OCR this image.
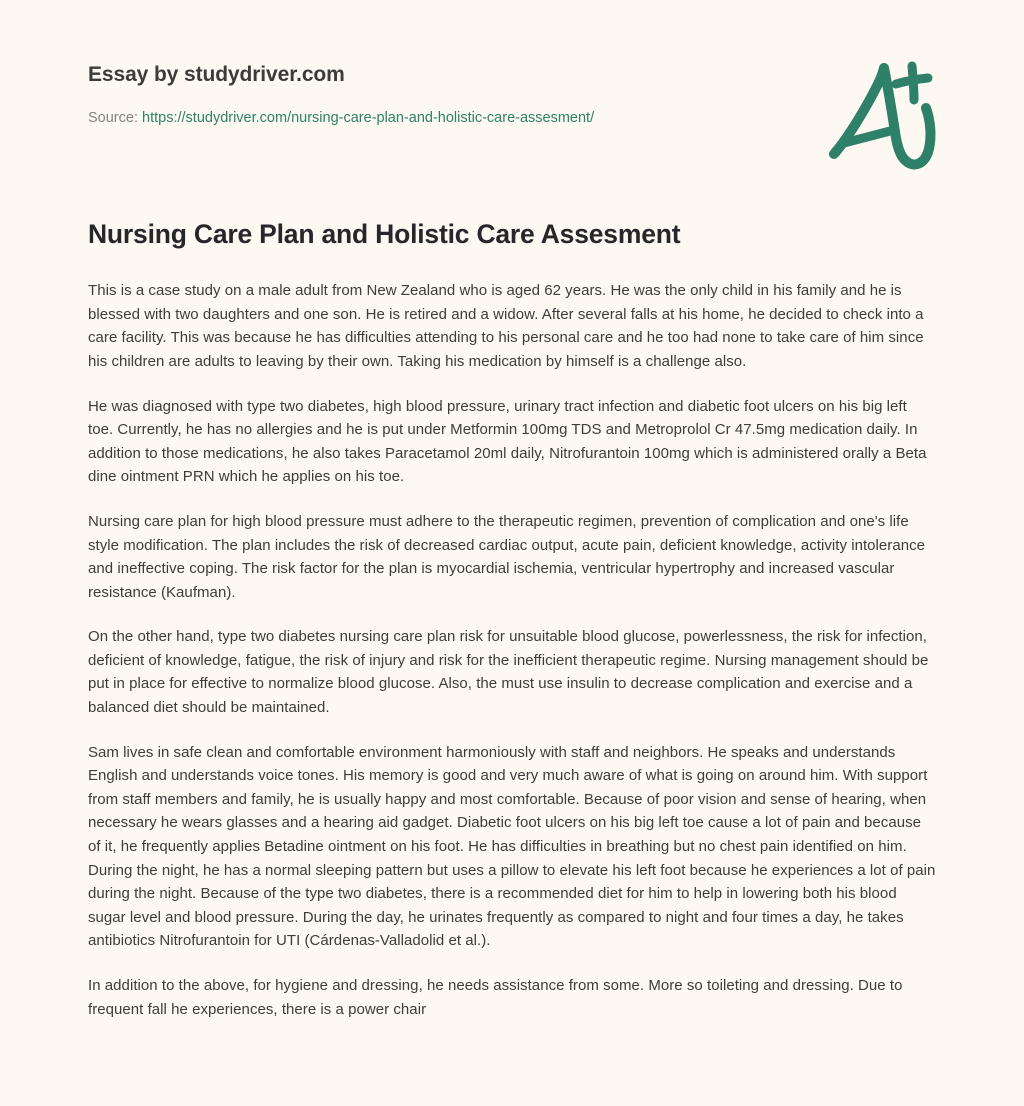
Essay by studydriver.com
Source: https://studydriver.com/nursing-care-plan-and-holistic-care-assesment/
Nursing Care Plan and Holistic Care Assesment

This is a case study on a male adult from New Zealand who is aged 62 years. He was the only child in his family and he is blessed with two daughters and one son. He is retired and a widow. After several falls at his home, he decided to check into a care facility. This was because he has difficulties attending to his personal care and he too had none to take care of him since his children are adults to leaving by their own. Taking his medication by himself is a challenge also.

He was diagnosed with type two diabetes, high blood pressure, urinary tract infection and diabetic foot ulcers on his big left toe. Currently, he has no allergies and he is put under Metformin 100mg TDS and Metroprolol Cr 47.5mg medication daily. In addition to those medications, he also takes Paracetamol 20ml daily, Nitrofurantoin 100mg which is administered orally a Beta dine ointment PRN which he applies on his toe.

Nursing care plan for high blood pressure must adhere to the therapeutic regimen, prevention of complication and one's life style modification. The plan includes the risk of decreased cardiac output, acute pain, deficient knowledge, activity intolerance and ineffective coping. The risk factor for the plan is myocardial ischemia, ventricular hypertrophy and increased vascular resistance (Kaufman).

On the other hand, type two diabetes nursing care plan risk for unsuitable blood glucose, powerlessness, the risk for infection, deficient of knowledge, fatigue, the risk of injury and risk for the inefficient therapeutic regime. Nursing management should be put in place for effective to normalize blood glucose. Also, the must use insulin to decrease complication and exercise and a balanced diet should be maintained.

Sam lives in safe clean and comfortable environment harmoniously with staff and neighbors. He speaks and understands English and understands voice tones. His memory is good and very much aware of what is going on around him. With support from staff members and family, he is usually happy and most comfortable. Because of poor vision and sense of hearing, when necessary he wears glasses and a hearing aid gadget. Diabetic foot ulcers on his big left toe cause a lot of pain and because of it, he frequently applies Betadine ointment on his foot. He has difficulties in breathing but no chest pain identified on him. During the night, he has a normal sleeping pattern but uses a pillow to elevate his left foot because he experiences a lot of pain during the night. Because of the type two diabetes, there is a recommended diet for him to help in lowering both his blood sugar level and blood pressure. During the day, he urinates frequently as compared to night and four times a day, he takes antibiotics Nitrofurantoin for UTI (Cárdenas-Valladolid et al.).

In addition to the above, for hygiene and dressing, he needs assistance from some. More so toileting and dressing. Due to frequent fall he experiences, there is a power chair
